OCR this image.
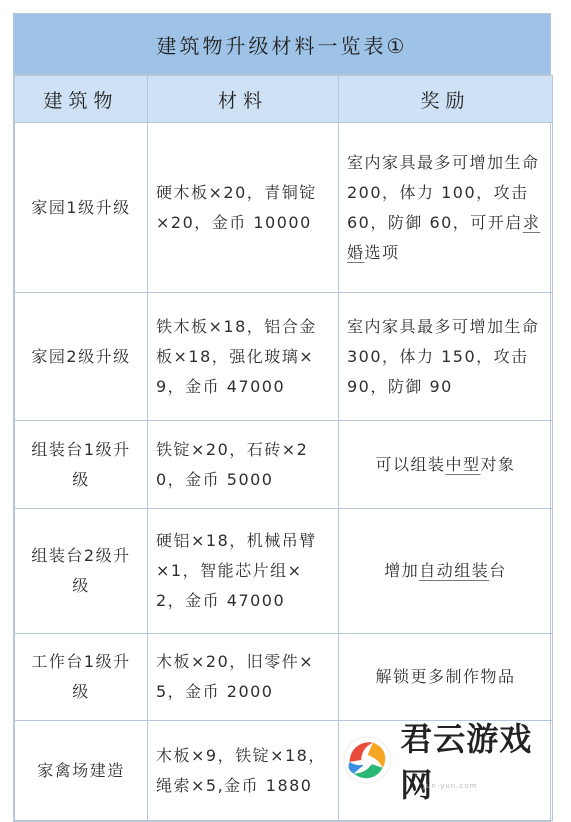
建筑物升级材料一览表①
建筑物	材料	奖励
家园1级升级	硬木板×20，青铜锭×20，金币 10000	室内家具最多可增加生命 200，体力 100，攻击 60，防御 60，可开启求婚选项
家园2级升级	铁木板×18，铝合金板×18，强化玻璃×9，金币 47000	室内家具最多可增加生命 300，体力 150，攻击 90，防御 90
组装台1级升级	铁锭×20，石砖×20，金币 5000	可以组装中型对象
组装台2级升级	硬铝×18，机械吊臂×1，智能芯片组×2，金币 47000	增加自动组装台
工作台1级升级	木板×20，旧零件×5，金币 2000	解锁更多制作物品
家禽场建造	木板×9，铁锭×18，绳索×5,金币 1880	
君云游戏网
jun-yun.com
